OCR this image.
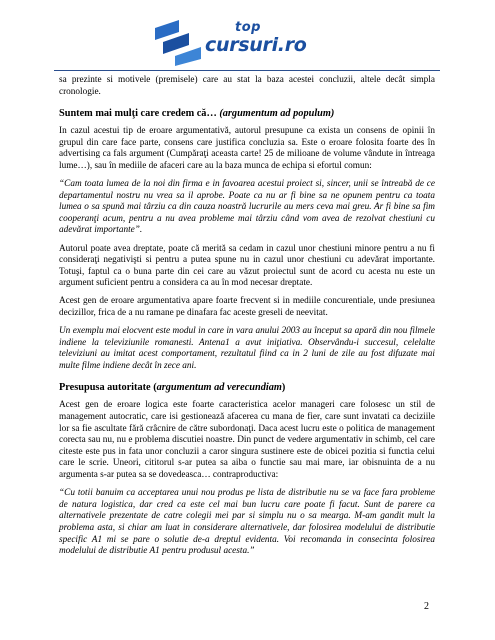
top
cursuri.ro

sa prezinte si motivele (premisele) care au stat la baza acestei concluzii, altele decât simpla cronologie.

Suntem mai mulţi care credem că… (argumentum ad populum)

In cazul acestui tip de eroare argumentativă, autorul presupune ca exista un consens de opinii în grupul din care face parte, consens care justifica concluzia sa. Este o eroare folosita foarte des în advertising ca fals argument (Cumpăraţi aceasta carte! 25 de milioane de volume vândute in întreaga lume…), sau în mediile de afaceri care au la baza munca de echipa si efortul comun:

“Cam toata lumea de la noi din firma e in favoarea acestui proiect si, sincer, unii se întreabă de ce departamentul nostru nu vrea sa il aprobe. Poate ca nu ar fi bine sa ne opunem pentru ca toata lumea o sa spună mai târziu ca din cauza noastră lucrurile au mers ceva mai greu. Ar fi bine sa fim cooperanţi acum, pentru a nu avea probleme mai târziu când vom avea de rezolvat chestiuni cu adevărat importante”.

Autorul poate avea dreptate, poate că merită sa cedam in cazul unor chestiuni minore pentru a nu fi consideraţi negativişti si pentru a putea spune nu in cazul unor chestiuni cu adevărat importante. Totuşi, faptul ca o buna parte din cei care au văzut proiectul sunt de acord cu acesta nu este un argument suficient pentru a considera ca au în mod necesar dreptate.

Acest gen de eroare argumentativa apare foarte frecvent si in mediile concurentiale, unde presiunea decizillor, frica de a nu ramane pe dinafara fac aceste greseli de neevitat.

Un exemplu mai elocvent este modul in care in vara anului 2003 au început sa apară din nou filmele indiene la televiziunile romanesti. Antena1 a avut iniţiativa. Observându-i succesul, celelalte televiziuni au imitat acest comportament, rezultatul fiind ca in 2 luni de zile au fost difuzate mai multe filme indiene decât în zece ani.

Presupusa autoritate (argumentum ad verecundiam)

Acest gen de eroare logica este foarte caracteristica acelor manageri care folosesc un stil de management autocratic, care isi gestionează afacerea cu mana de fier, care sunt invatati ca deciziile lor sa fie ascultate fără crâcnire de către subordonaţi. Daca acest lucru este o politica de management corecta sau nu, nu e problema discutiei noastre. Din punct de vedere argumentativ in schimb, cel care citeste este pus in fata unor concluzii a caror singura sustinere este de obicei pozitia si functia celui care le scrie. Uneori, cititorul s-ar putea sa aiba o functie sau mai mare, iar obisnuinta de a nu argumenta s-ar putea sa se dovedeasca… contraproductiva:

“Cu totii banuim ca acceptarea unui nou produs pe lista de distributie nu se va face fara probleme de natura logistica, dar cred ca este cel mai bun lucru care poate fi facut. Sunt de parere ca alternativele prezentate de catre colegii mei par si simplu nu o sa mearga. M-am gandit mult la problema asta, si chiar am luat in considerare alternativele, dar folosirea modelului de distributie specific A1 mi se pare o solutie de-a dreptul evidenta. Voi recomanda in consecinta folosirea modelului de distributie A1 pentru produsul acesta.”

2
